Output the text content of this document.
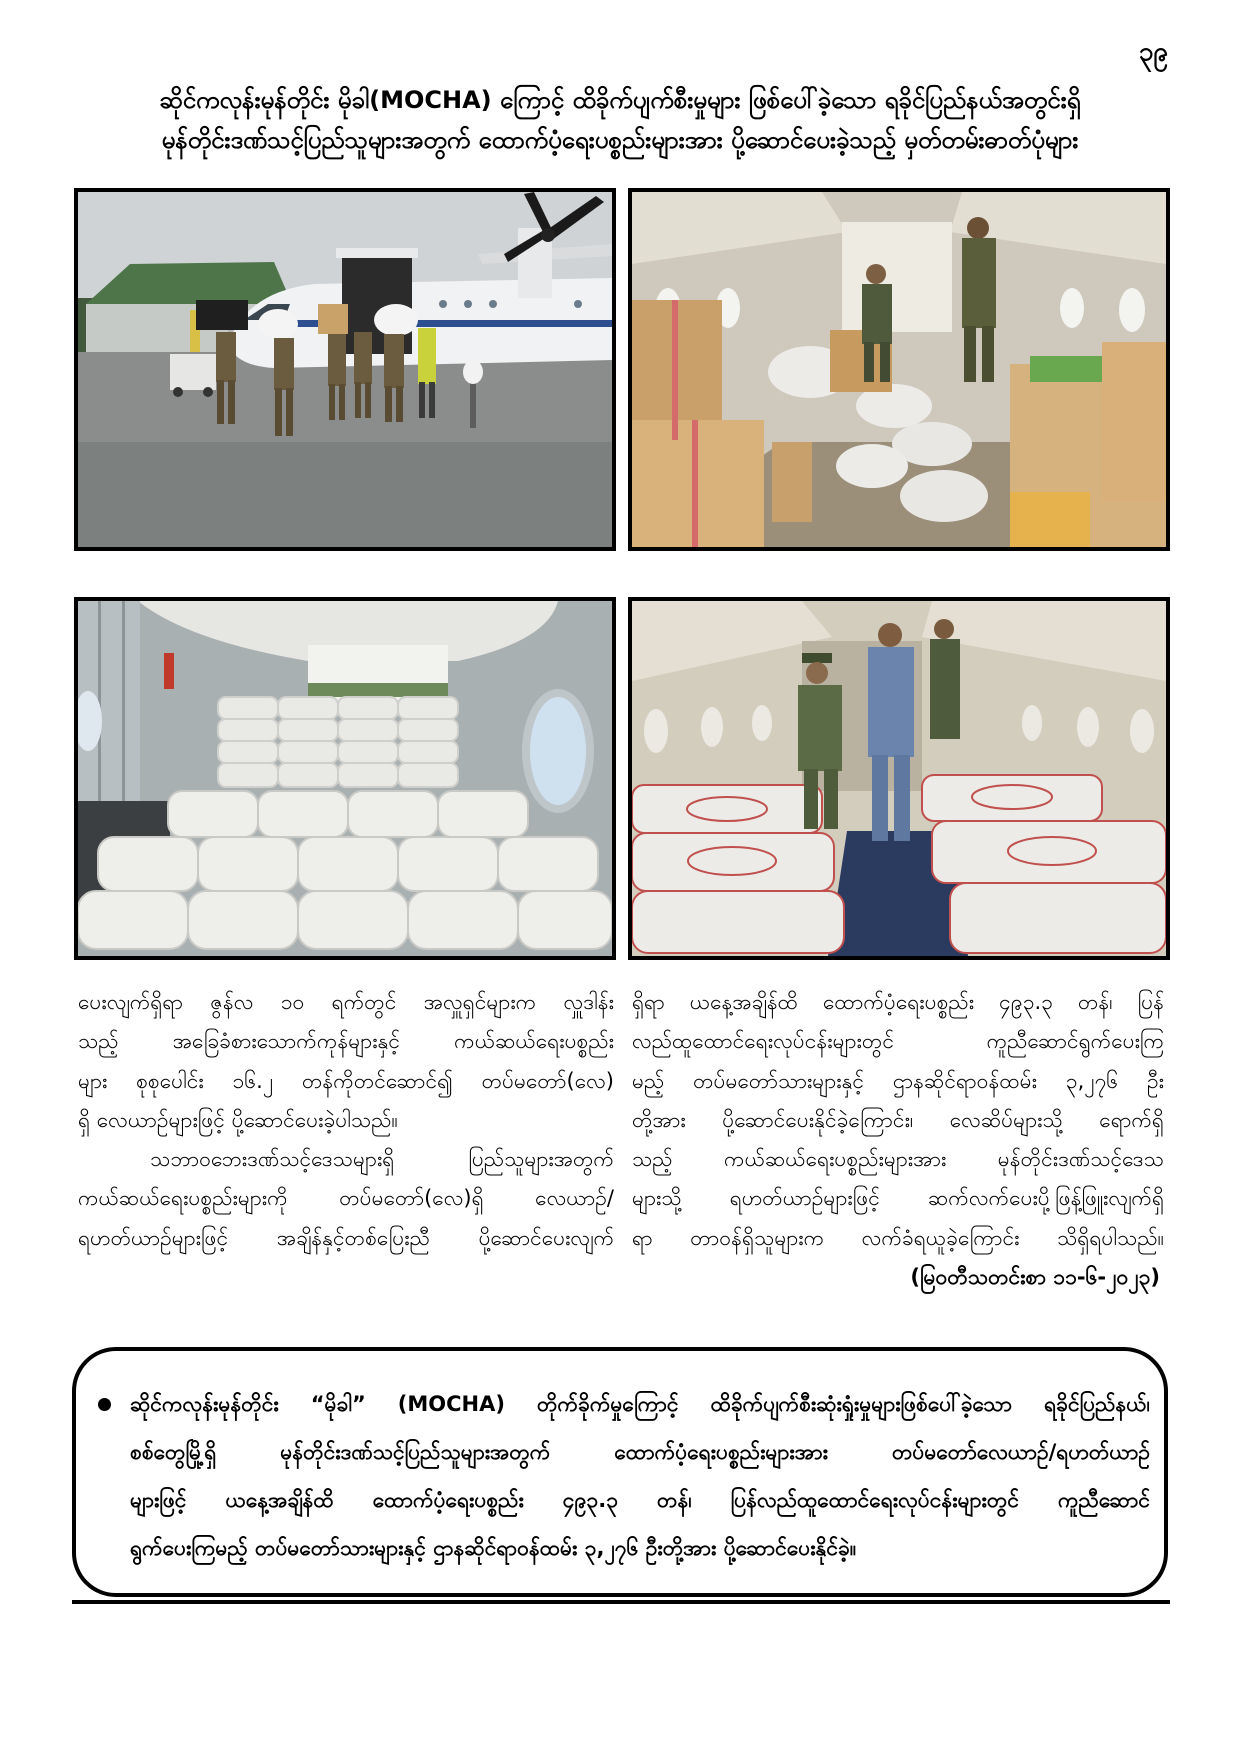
၃၉
ဆိုင်ကလုန်းမုန်တိုင်း မိုခါ(MOCHA) ကြောင့် ထိခိုက်ပျက်စီးမှုများ ဖြစ်ပေါ်ခဲ့သော ရခိုင်ပြည်နယ်အတွင်းရှိ
မုန်တိုင်းဒဏ်သင့်ပြည်သူများအတွက် ထောက်ပံ့ရေးပစ္စည်းများအား ပို့ဆောင်ပေးခဲ့သည့် မှတ်တမ်းဓာတ်ပုံများ
ပေးလျက်ရှိရာ ဇွန်လ ၁၀ ရက်တွင် အလှူရှင်များက လှူဒါန်း
သည့် အခြေခံစားသောက်ကုန်များနှင့် ကယ်ဆယ်ရေးပစ္စည်း
များ စုစုပေါင်း ၁၆.၂ တန်ကိုတင်ဆောင်၍ တပ်မတော်(လေ)
ရှိ လေယာဉ်များဖြင့် ပို့ဆောင်ပေးခဲ့ပါသည်။
သဘာဝဘေးဒဏ်သင့်ဒေသများရှိ ပြည်သူများအတွက်
ကယ်ဆယ်ရေးပစ္စည်းများကို တပ်မတော်(လေ)ရှိ လေယာဉ်/
ရဟတ်ယာဉ်များဖြင့် အချိန်နှင့်တစ်ပြေးညီ ပို့ဆောင်ပေးလျက်
ရှိရာ ယနေ့အချိန်ထိ ထောက်ပံ့ရေးပစ္စည်း ၄၉၃.၃ တန်၊ ပြန်
လည်ထူထောင်ရေးလုပ်ငန်းများတွင် ကူညီဆောင်ရွက်ပေးကြ
မည့် တပ်မတော်သားများနှင့် ဌာနဆိုင်ရာဝန်ထမ်း ၃,၂၇၆ ဦး
တို့အား ပို့ဆောင်ပေးနိုင်ခဲ့ကြောင်း၊ လေဆိပ်များသို့ ရောက်ရှိ
သည့် ကယ်ဆယ်ရေးပစ္စည်းများအား မုန်တိုင်းဒဏ်သင့်ဒေသ
များသို့ ရဟတ်ယာဉ်များဖြင့် ဆက်လက်ပေးပို့ဖြန့်ဖြူးလျက်ရှိ
ရာ တာဝန်ရှိသူများက လက်ခံရယူခဲ့ကြောင်း သိရှိရပါသည်။
(မြဝတီသတင်းစာ ၁၁-၆-၂၀၂၃)
ဆိုင်ကလုန်းမုန်တိုင်း “မိုခါ” (MOCHA) တိုက်ခိုက်မှုကြောင့် ထိခိုက်ပျက်စီးဆုံးရှုံးမှုများဖြစ်ပေါ်ခဲ့သော ရခိုင်ပြည်နယ်၊
စစ်တွေမြို့ရှိ မုန်တိုင်းဒဏ်သင့်ပြည်သူများအတွက် ထောက်ပံ့ရေးပစ္စည်းများအား တပ်မတော်လေယာဉ်/ရဟတ်ယာဉ်
များဖြင့် ယနေ့အချိန်ထိ ထောက်ပံ့ရေးပစ္စည်း ၄၉၃.၃ တန်၊ ပြန်လည်ထူထောင်ရေးလုပ်ငန်းများတွင် ကူညီဆောင်
ရွက်ပေးကြမည့် တပ်မတော်သားများနှင့် ဌာနဆိုင်ရာဝန်ထမ်း ၃,၂၇၆ ဦးတို့အား ပို့ဆောင်ပေးနိုင်ခဲ့။
